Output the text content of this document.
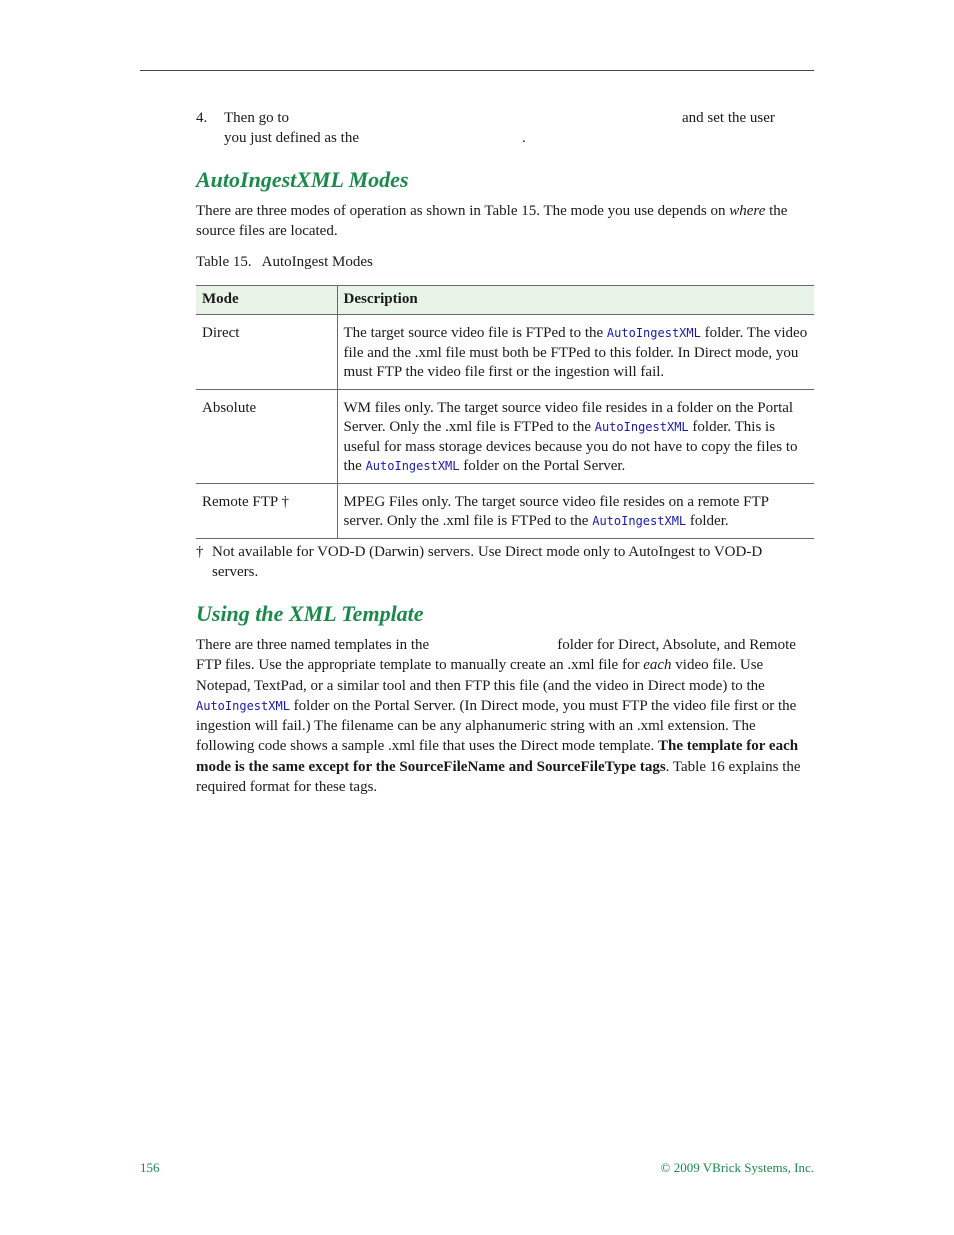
4. Then go to	and set the user
you just defined as the	.
AutoIngestXML Modes

There are three modes of operation as shown in Table 15. The mode you use depends on where the source files are located.

Table 15. AutoIngest Modes
Mode	Description
Direct	The target source video file is FTPed to the AutoIngestXML folder. The video file and the .xml file must both be FTPed to this folder. In Direct mode, you must FTP the video file first or the ingestion will fail.
Absolute	WM files only. The target source video file resides in a folder on the Portal Server. Only the .xml file is FTPed to the AutoIngestXML folder. This is useful for mass storage devices because you do not have to copy the files to the AutoIngestXML folder on the Portal Server.
Remote FTP †	MPEG Files only. The target source video file resides on a remote FTP server. Only the .xml file is FTPed to the AutoIngestXML folder.
† Not available for VOD-D (Darwin) servers. Use Direct mode only to AutoIngest to VOD-D servers.
Using the XML Template

There are three named templates in the	folder for Direct, Absolute, and Remote FTP files. Use the appropriate template to manually create an .xml file for each video file. Use Notepad, TextPad, or a similar tool and then FTP this file (and the video in Direct mode) to the AutoIngestXML folder on the Portal Server. (In Direct mode, you must FTP the video file first or the ingestion will fail.) The filename can be any alphanumeric string with an .xml extension. The following code shows a sample .xml file that uses the Direct mode template. The template for each mode is the same except for the SourceFileName and SourceFileType tags. Table 16 explains the required format for these tags.

156	© 2009 VBrick Systems, Inc.
